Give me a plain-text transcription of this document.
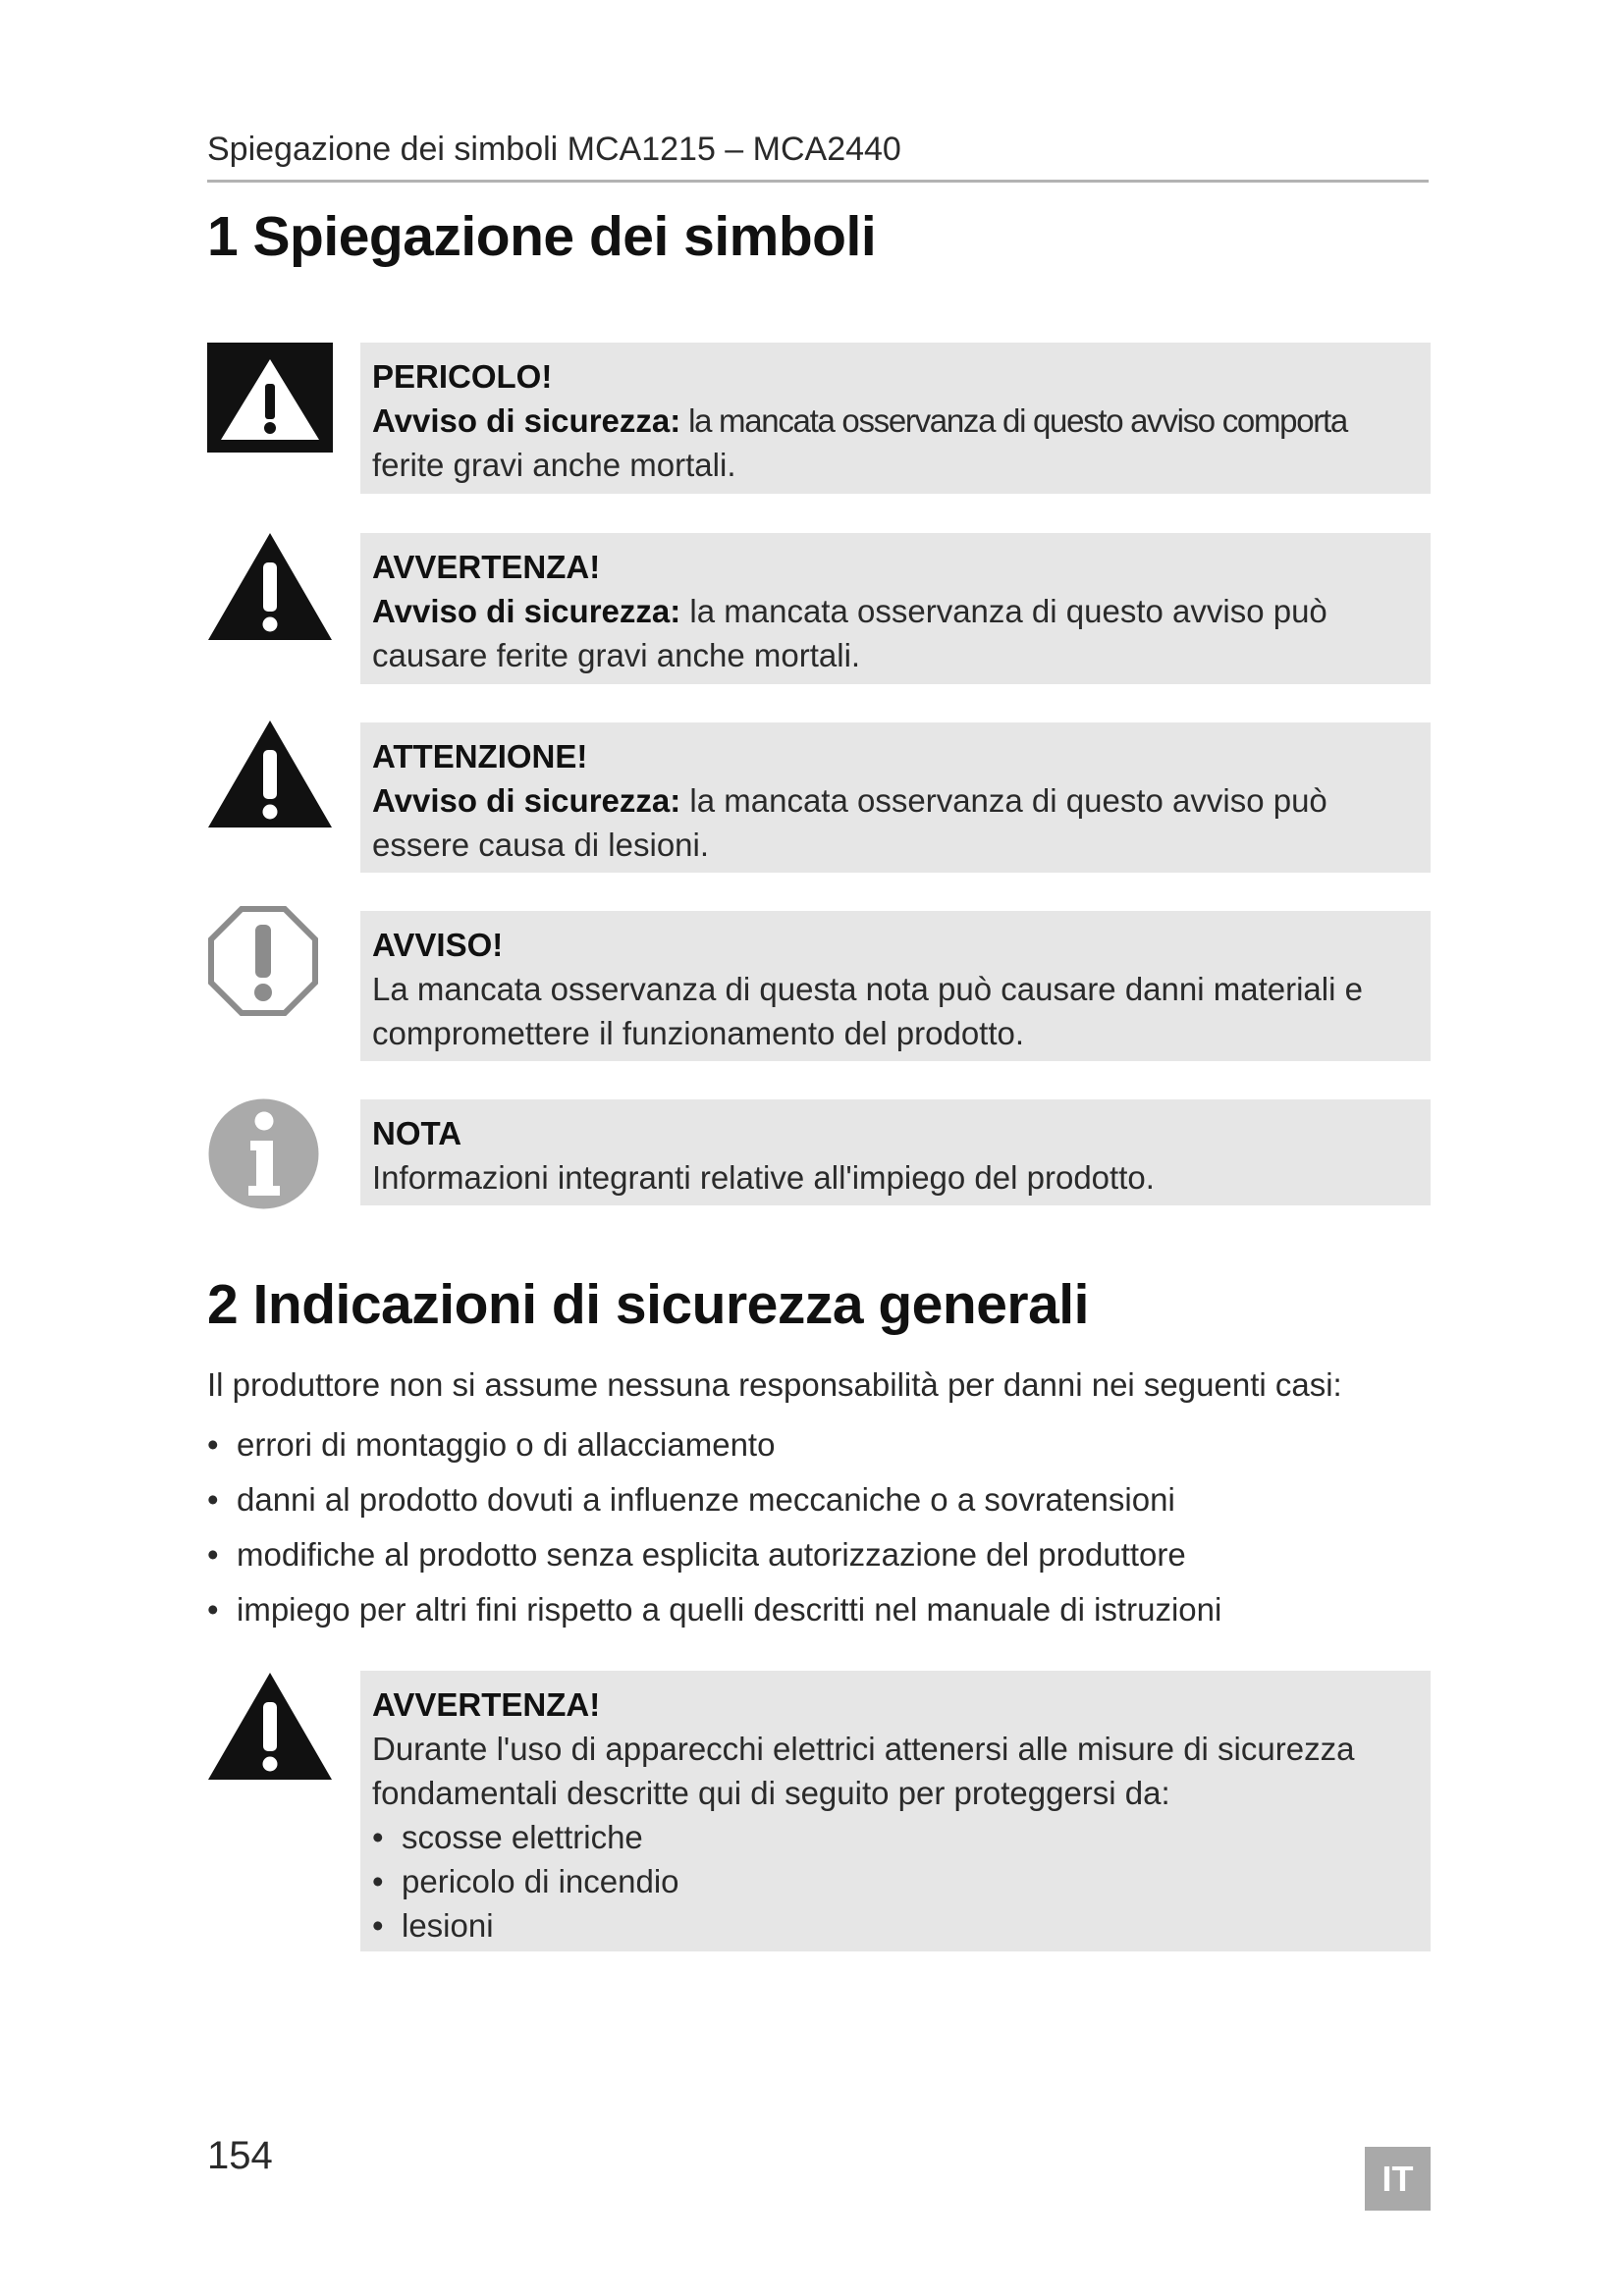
Spiegazione dei simboli MCA1215 – MCA2440
1 Spiegazione dei simboli
PERICOLO!
Avviso di sicurezza: la mancata osservanza di questo avviso comporta
ferite gravi anche mortali.
AVVERTENZA!
Avviso di sicurezza: la mancata osservanza di questo avviso può
causare ferite gravi anche mortali.
ATTENZIONE!
Avviso di sicurezza: la mancata osservanza di questo avviso può
essere causa di lesioni.
AVVISO!
La mancata osservanza di questa nota può causare danni materiali e
compromettere il funzionamento del prodotto.
NOTA
Informazioni integranti relative all'impiego del prodotto.
2 Indicazioni di sicurezza generali
Il produttore non si assume nessuna responsabilità per danni nei seguenti casi:
• errori di montaggio o di allacciamento
• danni al prodotto dovuti a influenze meccaniche o a sovratensioni
• modifiche al prodotto senza esplicita autorizzazione del produttore
• impiego per altri fini rispetto a quelli descritti nel manuale di istruzioni
AVVERTENZA!
Durante l'uso di apparecchi elettrici attenersi alle misure di sicurezza
fondamentali descritte qui di seguito per proteggersi da:
• scosse elettriche
• pericolo di incendio
• lesioni
154
IT
